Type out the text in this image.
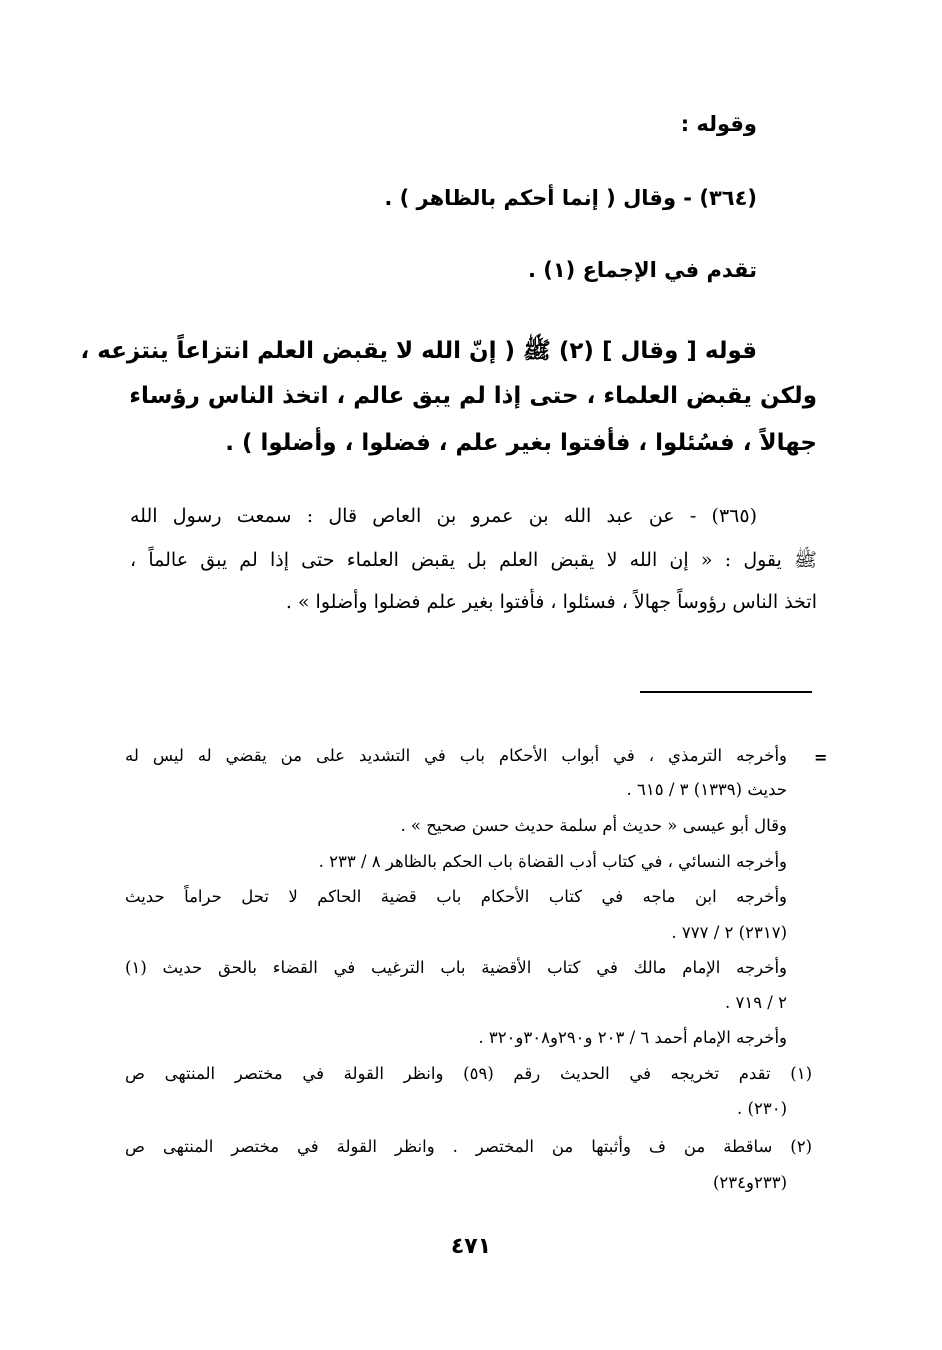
وقوله :
(٣٦٤) - وقال ( إنما أحكم بالظاهر ) .
تقدم في الإجماع (١) .
قوله [ وقال ] (٢) ﷺ ( إنّ الله لا يقبض العلم انتزاعاً ينتزعه ،
ولكن يقبض العلماء ، حتى إذا لم يبق عالم ، اتخذ الناس رؤساء
جهالاً ، فسُئلوا ، فأفتوا بغير علم ، فضلوا ، وأضلوا ) .
(٣٦٥) - عن عبد الله بن عمرو بن العاص قال : سمعت رسول الله
ﷺ يقول : « إن الله لا يقبض العلم بل يقبض العلماء حتى إذا لم يبق عالماً ،
اتخذ الناس رؤوساً جهالاً ، فسئلوا ، فأفتوا بغير علم فضلوا وأضلوا » .
=
وأخرجه الترمذي ، في أبواب الأحكام باب في التشديد على من يقضي له ليس له
حديث (١٣٣٩) ٣ / ٦١٥ .
وقال أبو عيسى « حديث أم سلمة حديث حسن صحيح » .
وأخرجه النسائي ، في كتاب أدب القضاة باب الحكم بالظاهر ٨ / ٢٣٣ .
وأخرجه ابن ماجه في كتاب الأحكام باب قضية الحاكم لا تحل حراماً حديث
(٢٣١٧) ٢ / ٧٧٧ .
وأخرجه الإمام مالك في كتاب الأقضية باب الترغيب في القضاء بالحق حديث (١)
٢ / ٧١٩ .
وأخرجه الإمام أحمد ٦ / ٢٠٣ و٢٩٠و٣٠٨و٣٢٠ .
(١) تقدم تخريجه في الحديث رقم (٥٩) وانظر القولة في مختصر المنتهى ص
(٢٣٠) .
(٢) ساقطة من ف وأثبتها من المختصر . وانظر القولة في مختصر المنتهى ص
(٢٣٣و٢٣٤)
٤٧١
